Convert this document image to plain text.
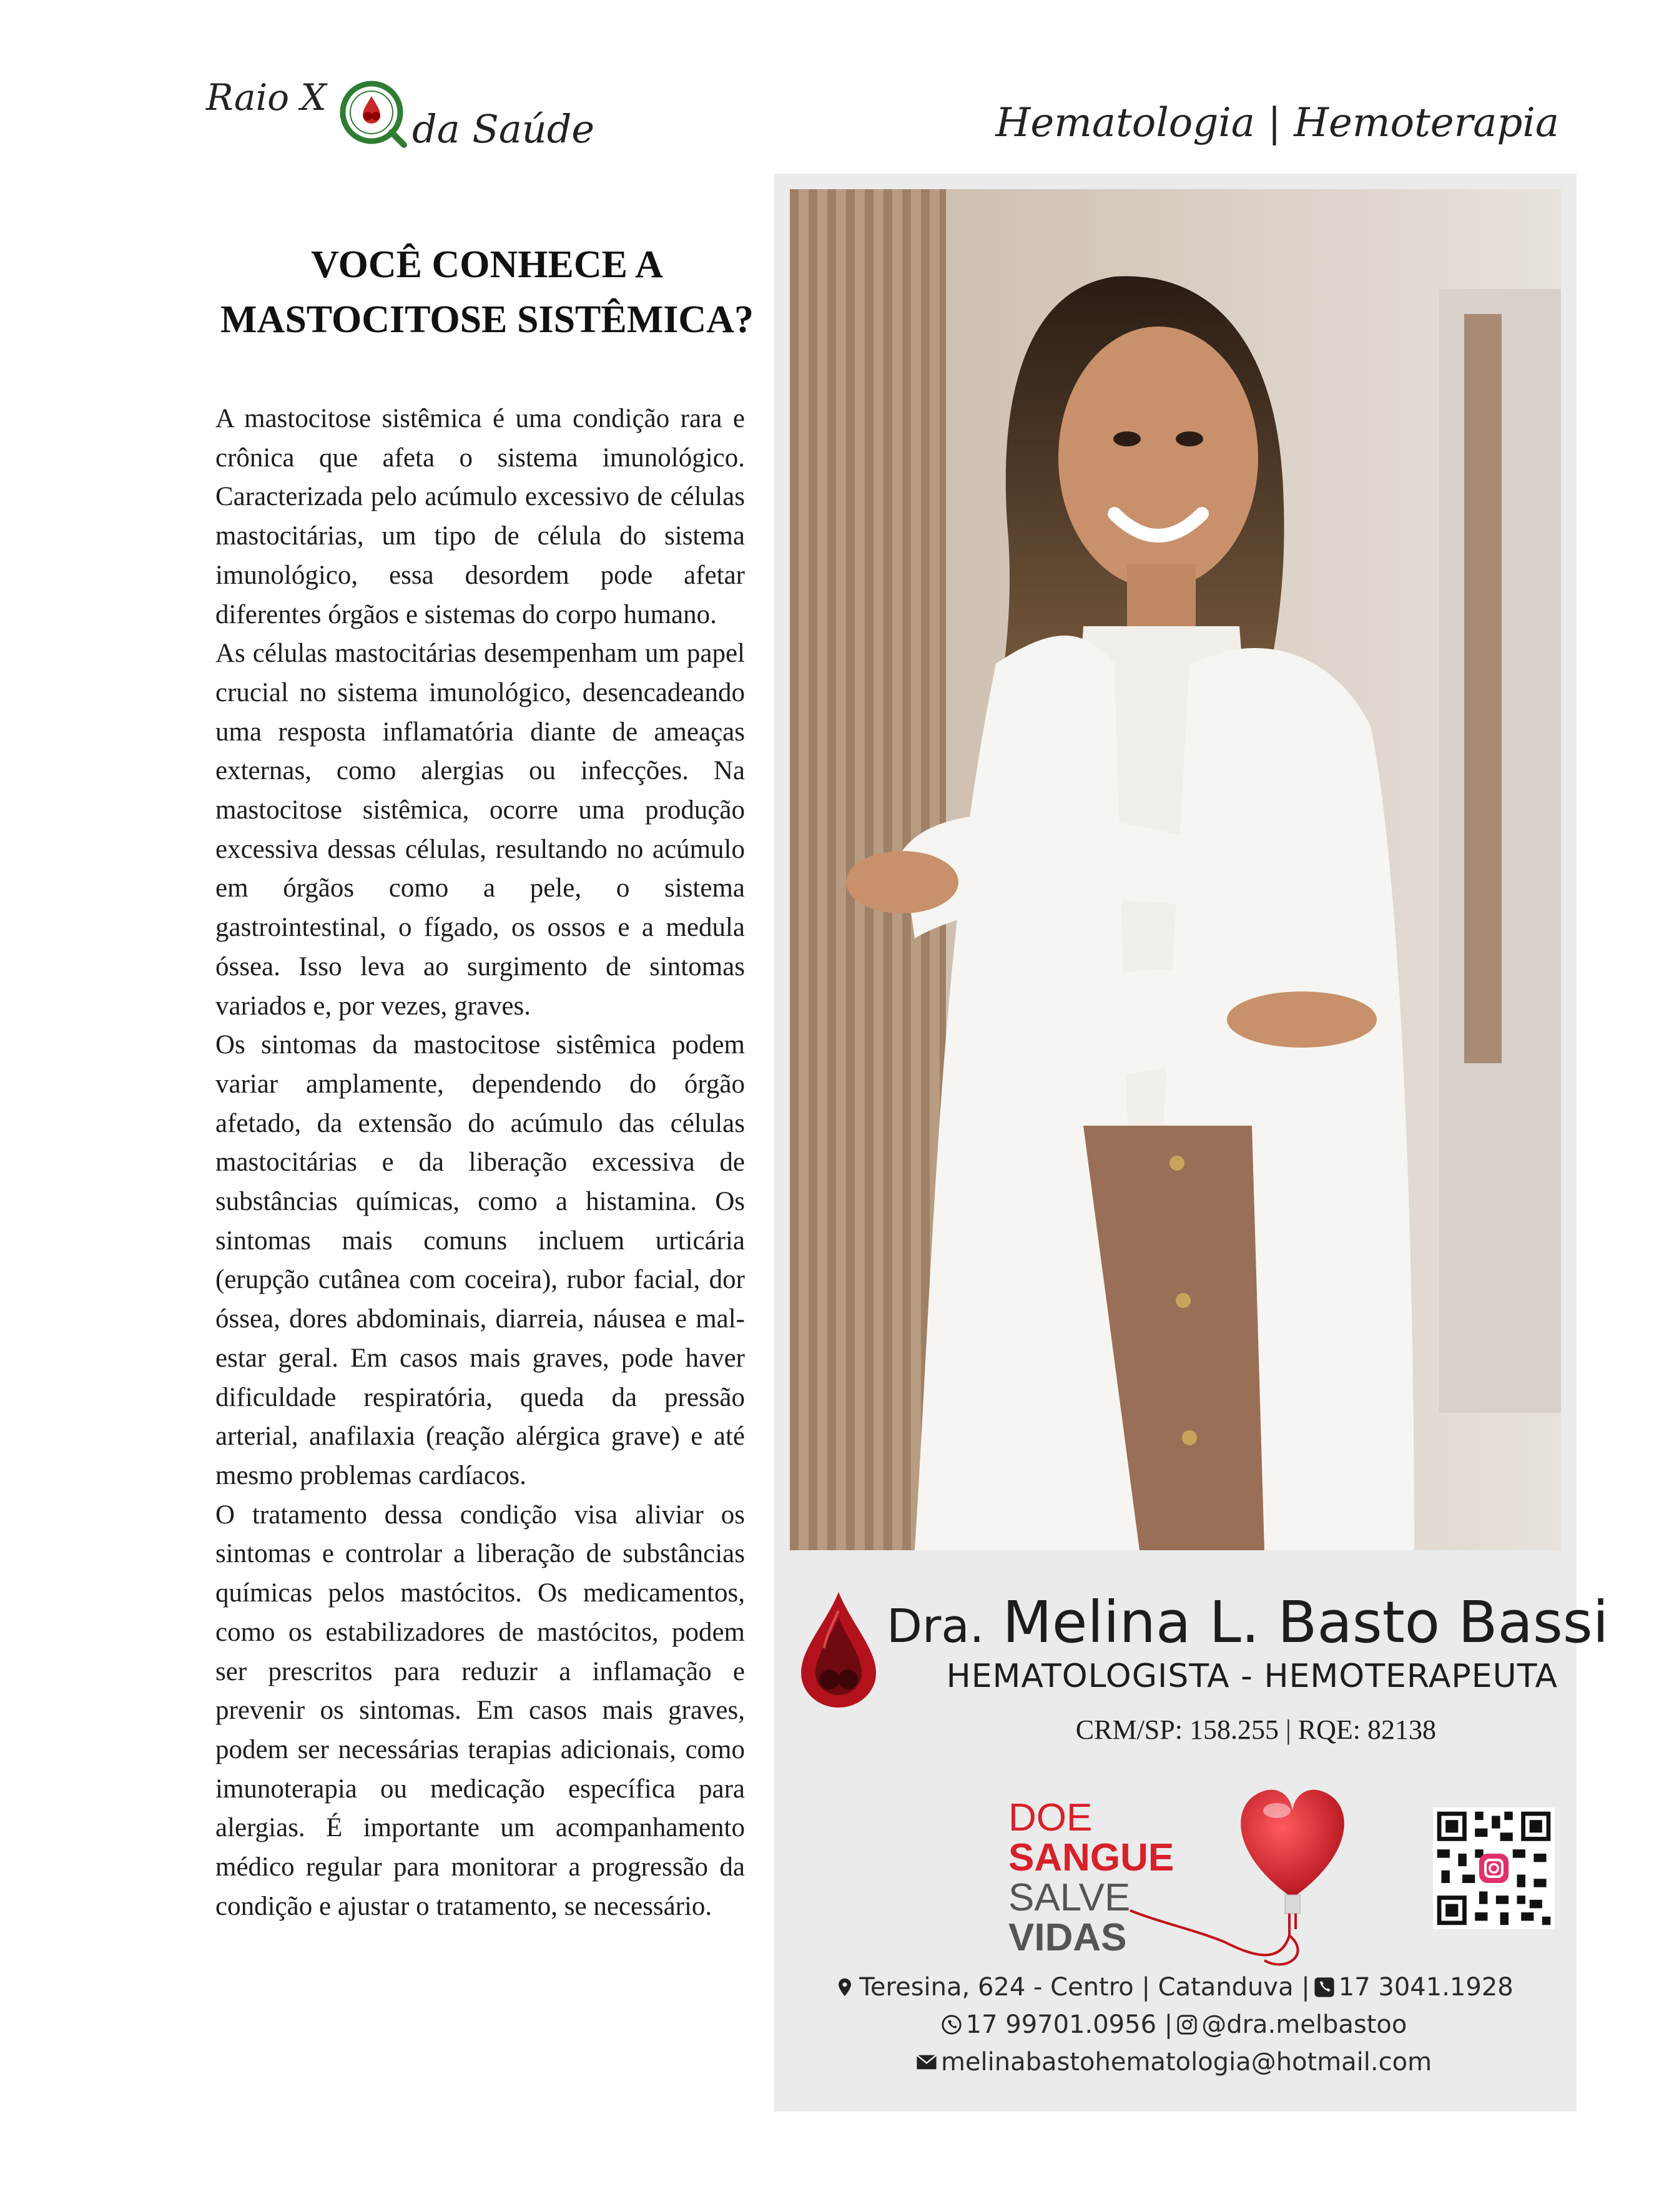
Raio X
da Saúde	Hematologia | Hemoterapia
VOCÊ CONHECE A
MASTOCITOSE SISTÊMICA?

A mastocitose sistêmica é uma condição rara e crônica que afeta o sistema imunológico. Caracterizada pelo acúmulo excessivo de células mastocitárias, um tipo de célula do sistema imunológico, essa desordem pode afetar diferentes órgãos e sistemas do corpo humano.

As células mastocitárias desempenham um papel crucial no sistema imunológico, desencadeando uma resposta inflamatória diante de ameaças externas, como alergias ou infecções. Na mastocitose sistêmica, ocorre uma produção excessiva dessas células, resultando no acúmulo em órgãos como a pele, o sistema gastrointestinal, o fígado, os ossos e a medula óssea. Isso leva ao surgimento de sintomas variados e, por vezes, graves.

Os sintomas da mastocitose sistêmica podem variar amplamente, dependendo do órgão afetado, da extensão do acúmulo das células mastocitárias e da liberação excessiva de substâncias químicas, como a histamina. Os sintomas mais comuns incluem urticária (erupção cutânea com coceira), rubor facial, dor óssea, dores abdominais, diarreia, náusea e mal-estar geral. Em casos mais graves, pode haver dificuldade respiratória, queda da pressão arterial, anafilaxia (reação alérgica grave) e até mesmo problemas cardíacos.

O tratamento dessa condição visa aliviar os sintomas e controlar a liberação de substâncias químicas pelos mastócitos. Os medicamentos, como os estabilizadores de mastócitos, podem ser prescritos para reduzir a inflamação e prevenir os sintomas. Em casos mais graves, podem ser necessárias terapias adicionais, como imunoterapia ou medicação específica para alergias. É importante um acompanhamento médico regular para monitorar a progressão da condição e ajustar o tratamento, se necessário.

Dra. Melina L. Basto Bassi
HEMATOLOGISTA - HEMOTERAPEUTA
CRM/SP: 158.255 | RQE: 82138
DOE
SANGUE
SALVE
VIDAS
Teresina, 624 - Centro | Catanduva | 17 3041.1928
17 99701.0956 | @dra.melbastoo
melinabastohematologia@hotmail.com
